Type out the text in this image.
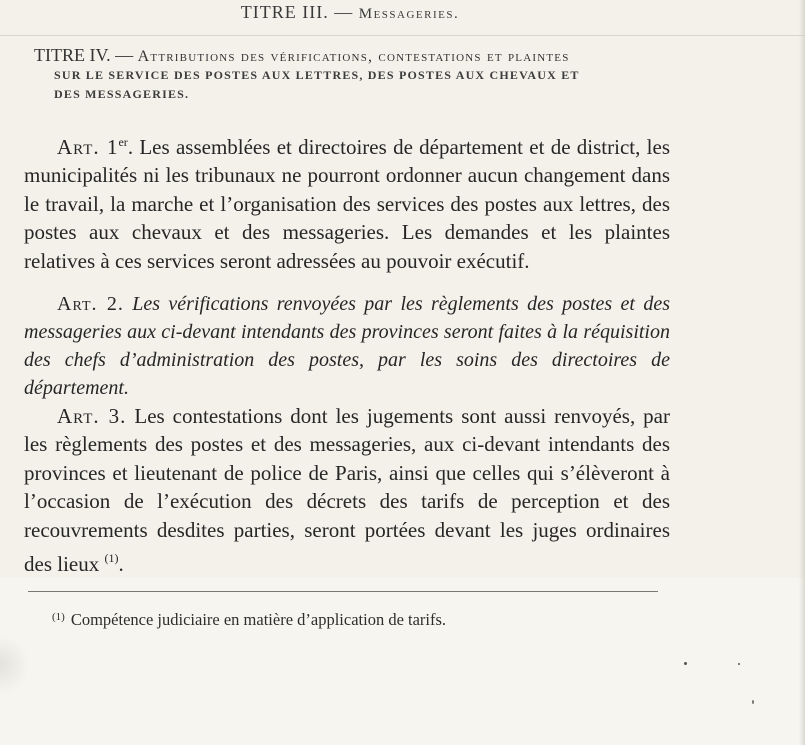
TITRE III. — Messageries.
TITRE IV. — Attributions des vérifications, contestations et plaintes
SUR LE SERVICE DES POSTES AUX LETTRES, DES POSTES AUX CHEVAUX ET
DES MESSAGERIES.

Art. 1er. Les assemblées et directoires de département et de district, les municipalités ni les tribunaux ne pourront ordonner aucun changement dans le travail, la marche et l’organisation des services des postes aux lettres, des postes aux chevaux et des messageries. Les demandes et les plaintes relatives à ces services seront adressées au pouvoir exécutif.

Art. 2. Les vérifications renvoyées par les règlements des postes et des messageries aux ci-devant intendants des provinces seront faites à la réquisition des chefs d’administration des postes, par les soins des directoires de département.

Art. 3. Les contestations dont les jugements sont aussi renvoyés, par les règlements des postes et des messageries, aux ci-devant intendants des provinces et lieutenant de police de Paris, ainsi que celles qui s’élèveront à l’occasion de l’exécution des décrets des tarifs de perception et des recouvrements desdites parties, seront portées devant les juges ordinaires des lieux $^{(1)}$.

$^{(1)}$ Compétence judiciaire en matière d’application de tarifs.
